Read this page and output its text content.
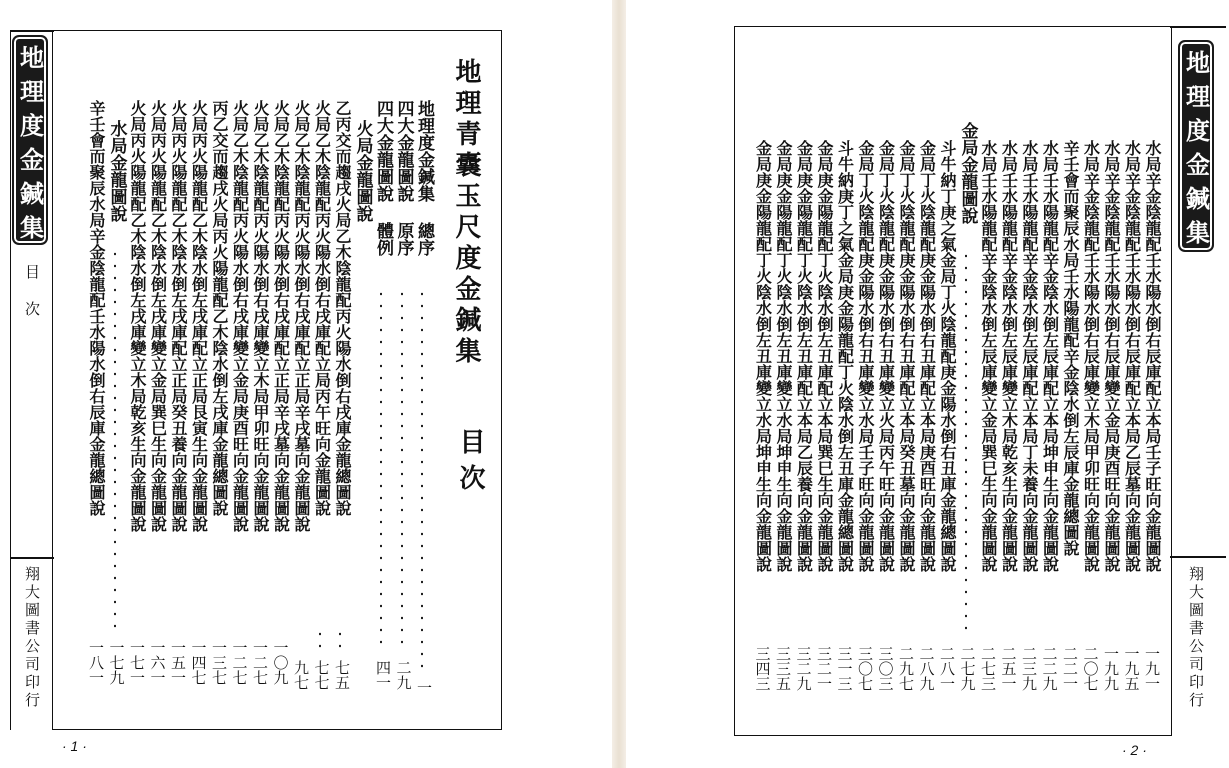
地
理
度
金
鍼
集
目次
翔大圖書公司印行
地理青囊玉尺度金鍼集
目次
地理度金鍼集 總序
一
四大金龍圖說 原序
二九
四大金龍圖說 體例
四一
火局金龍圖說
乙丙交而趨戌火局乙木陰龍配丙火陽水倒右戌庫金龍總圖說
七五
火局乙木陰龍配丙火陽水倒右戌庫配立局丙午旺向金龍圖說
七七
火局乙木陰龍配丙火陽水倒右戌庫配立正局辛戌墓向金龍圖說
九七
火局乙木陰龍配丙火陽水倒右戌庫配立正局辛戌墓向金龍圖說
一〇九
火局乙木陰龍配丙火陽水倒右戌庫變立木局甲卯旺向金龍圖說
一二七
火局乙木陰龍配丙火陽水倒右戌庫變立金局庚酉旺向金龍圖說
一二七
丙乙交而趨戌火局丙火陽龍配乙木陰水倒左戌庫金龍總圖說
一三七
火局丙火陽龍配乙木陰水倒左戌庫配立正局艮寅生向金龍圖說
一四七
火局丙火陽龍配乙木陰水倒左戌庫配立正局癸丑養向金龍圖說
一五一
火局丙火陽龍配乙木陰水倒左戌庫變立金局巽巳生向金龍圖說
一六一
火局丙火陽龍配乙木陰水倒左戌庫變立木局乾亥生向金龍圖說
一七一
水局金龍圖說
一七九
辛壬會而聚辰水局辛金陰龍配壬水陽水倒右辰庫金龍總圖說
一八一
· 1 ·
地
理
度
金
鍼
集
翔大圖書公司印行
水局辛金陰龍配壬水陽水倒右辰庫配立本局壬子旺向金龍圖說
一九一
水局辛金陰龍配壬水陽水倒右辰庫配立本局乙辰墓向金龍圖說
一九五
水局辛金陰龍配壬水陽水倒右辰庫變立金局庚酉旺向金龍圖說
一九九
水局辛金陰龍配壬水陽水倒右辰庫變立木局甲卯旺向金龍圖說
二〇七
辛壬會而聚辰水局壬水陽龍配辛金陰水倒左辰庫金龍總圖說
二二一
水局壬水陽龍配辛金陰水倒左辰庫配立本局坤申生向金龍圖說
二二九
水局壬水陽龍配辛金陰水倒左辰庫配立本局丁未養向金龍圖說
二三九
水局壬水陽龍配辛金陰水倒左辰庫變立木局乾亥生向金龍圖說
二五一
水局壬水陽龍配辛金陰水倒左辰庫變立金局巽巳生向金龍圖說
二七三
金局金龍圖說
二七九
斗牛納丁庚之氣金局丁火陰龍配庚金陽水倒右丑庫金龍總圖說
二八一
金局丁火陰龍配庚金陽水倒右丑庫配立本局庚酉旺向金龍圖說
二八九
金局丁火陰龍配庚金陽水倒右丑庫配立本局癸丑墓向金龍圖說
二九七
金局丁火陰龍配庚金陽水倒右丑庫變立火局丙午旺向金龍圖說
三〇三
金局丁火陰龍配庚金陽水倒右丑庫變立水局壬子旺向金龍圖說
三〇七
斗牛納庚丁之氣金局庚金陽龍配丁火陰水倒左丑庫金龍總圖說
三一三
金局庚金陽龍配丁火陰水倒左丑庫配立本局巽巳生向金龍圖說
三二一
金局庚金陽龍配丁火陰水倒左丑庫配立本局乙辰養向金龍圖說
三二九
金局庚金陽龍配丁火陰水倒左丑庫變立水局坤申生向金龍圖說
三三五
金局庚金陽龍配丁火陰水倒左丑庫變立水局坤申生向金龍圖說
三四三
· 2 ·
